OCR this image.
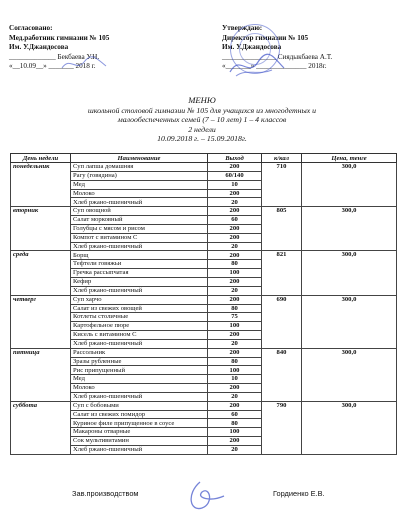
Согласовано:
Мед.работник гимназии № 105
Им. У.Джандосова
_____________ Бекбаева У.Н.
«__10.09__» _______ 2018 г.
Утверждаю:
Директор гимназии № 105
Им. У.Джандосова
_______________ Сиядыкбаева А.Т.
«_______» ______________ 2018г.
МЕНЮ
школьной столовой гимназии № 105 для учащихся из многодетных и
малообеспеченных семей (7 – 10 лет) 1 – 4 классов
2 недели
10.09.2018 г. – 15.09.2018г.
День недели	Наименование	Выход	к/кал	Цена, тенге
понедельник	Суп лапша домашняя	200	710	300,0
	Рагу (говядина)	60/140		
	Мед	10		
	Молоко	200		
	Хлеб ржано-пшеничный	20		
вторник	Суп овощной	200	805	300,0
	Салат морковный	60		
	Голубцы с мясом и рисом	200		
	Компот с витамином С	200		
	Хлеб ржано-пшеничный	20		
среда	Борщ	200	821	300,0
	Тефтели говяжьи	80		
	Гречка рассыпчатая	100		
	Кефир	200		
	Хлеб ржано-пшеничный	20		
четверг	Суп харчо	200	690	300,0
	Салат из свежих овощей	80		
	Котлеты столичные	75		
	Картофельное пюре	100		
	Кисель с витамином С	200		
	Хлеб ржано-пшеничный	20		
пятница	Рассольник	200	840	300,0
	Зразы рубленные	80		
	Рис припущенный	100		
	Мед	10		
	Молоко	200		
	Хлеб ржано-пшеничный	20		
суббота	Суп с бобовыми	200	790	300,0
	Салат из свежих помидор	60		
	Куриное филе припущенное в соусе	80		
	Макароны отварные	100		
	Сок мультивитамин	200		
	Хлеб ржано-пшеничный	20		
Зав.производством	Гордиенко Е.В.
